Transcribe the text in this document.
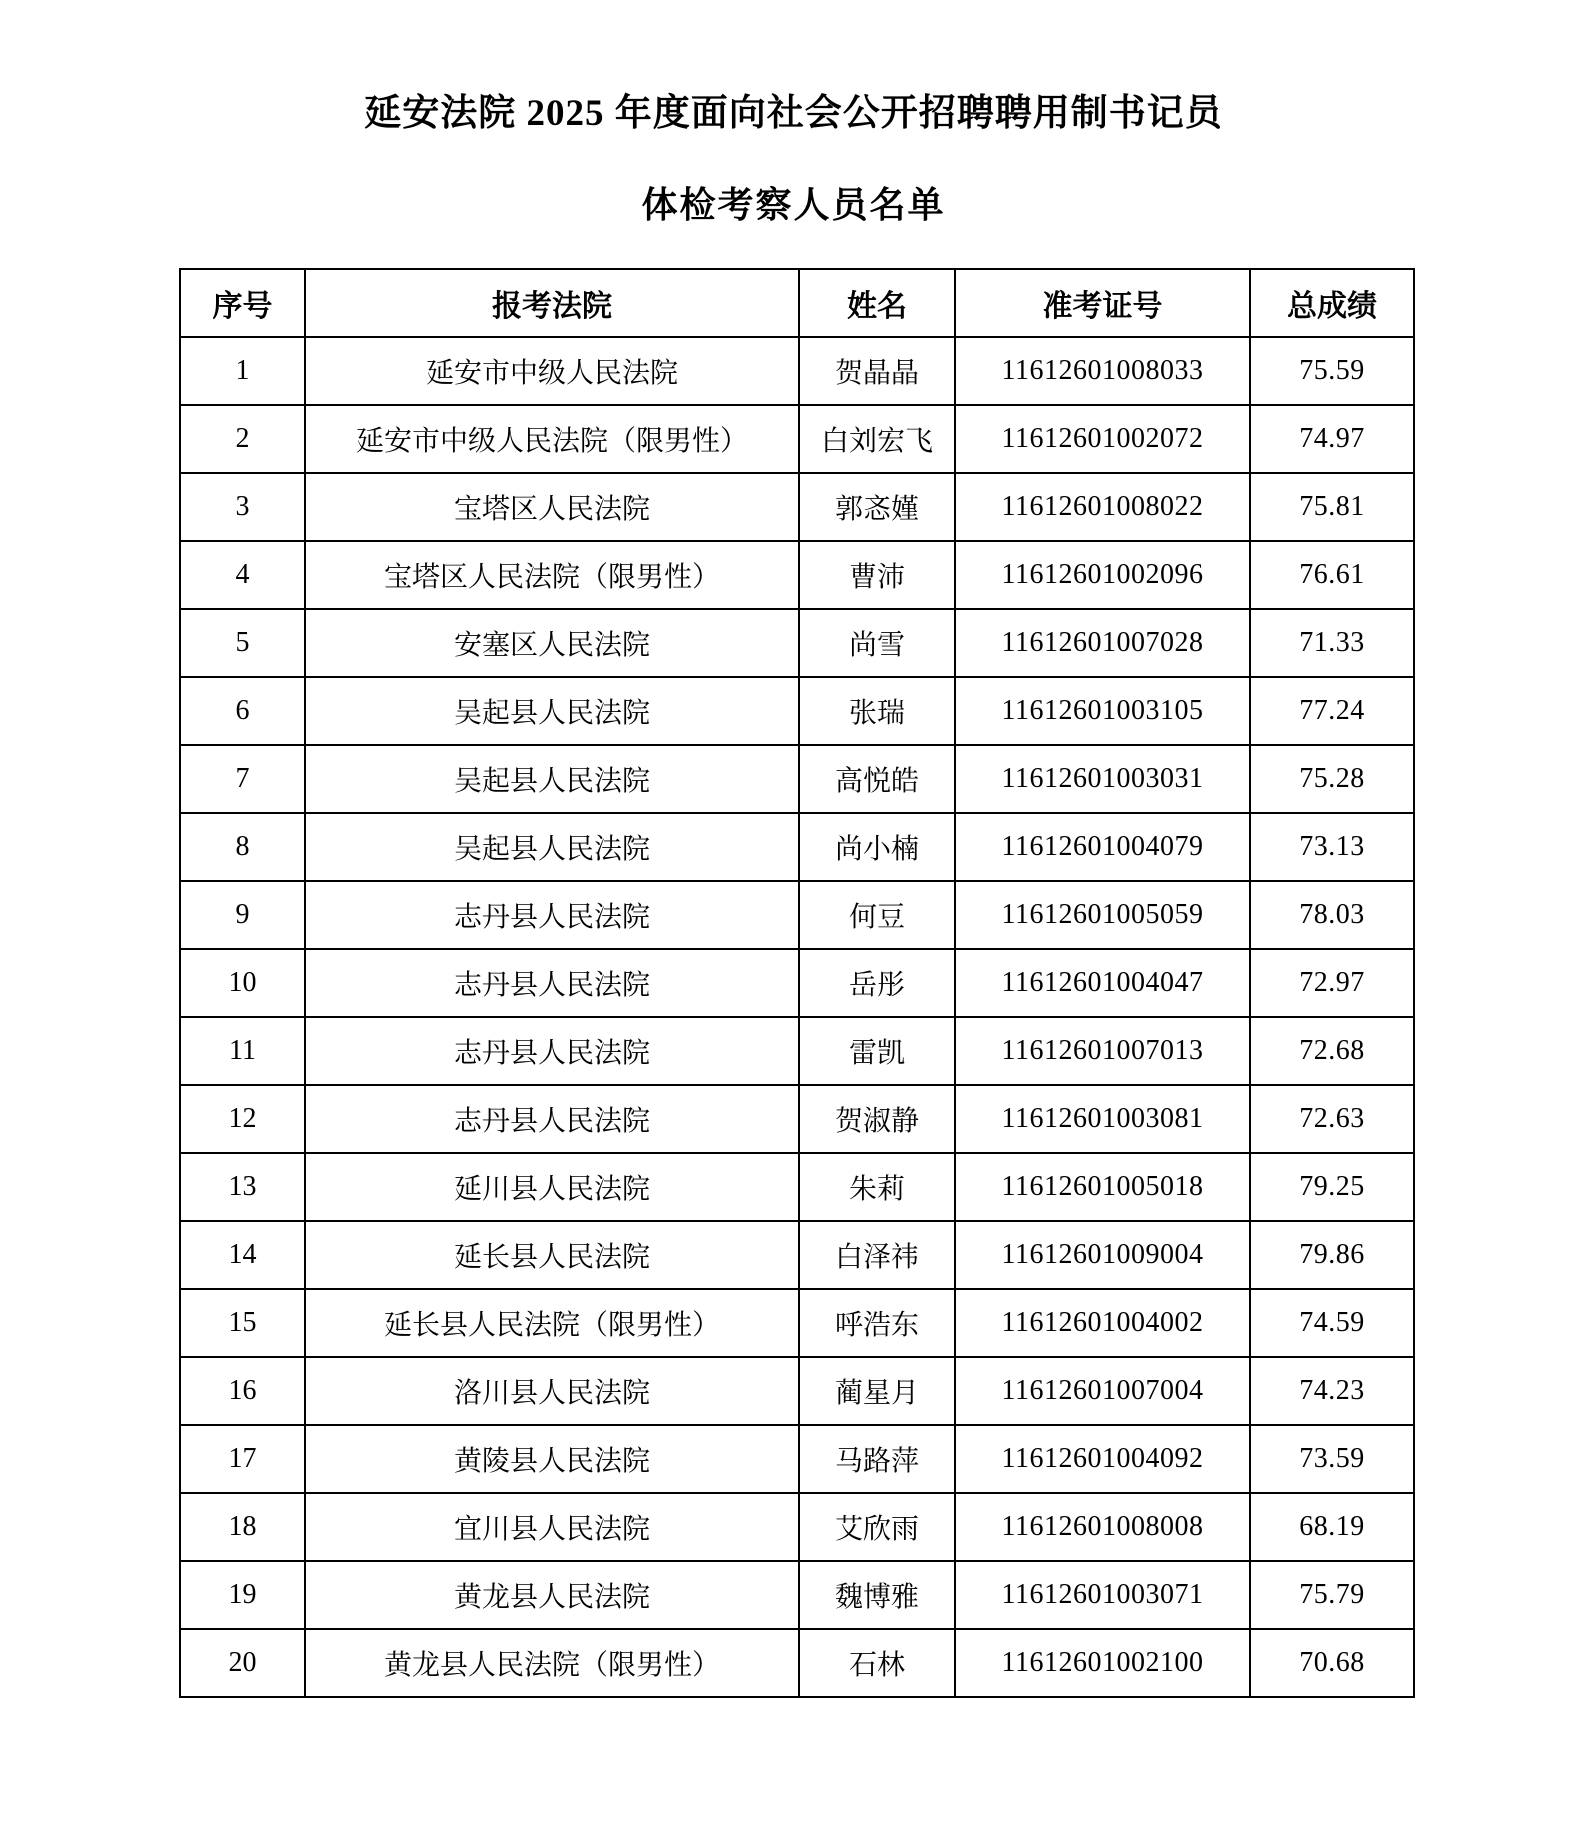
延安法院 2025 年度面向社会公开招聘聘用制书记员
体检考察人员名单
序号	报考法院	姓名	准考证号	总成绩
1	延安市中级人民法院	贺晶晶	11612601008033	75.59
2	延安市中级人民法院（限男性）	白刘宏飞	11612601002072	74.97
3	宝塔区人民法院	郭忞嫤	11612601008022	75.81
4	宝塔区人民法院（限男性）	曹沛	11612601002096	76.61
5	安塞区人民法院	尚雪	11612601007028	71.33
6	吴起县人民法院	张瑞	11612601003105	77.24
7	吴起县人民法院	高悦皓	11612601003031	75.28
8	吴起县人民法院	尚小楠	11612601004079	73.13
9	志丹县人民法院	何豆	11612601005059	78.03
10	志丹县人民法院	岳彤	11612601004047	72.97
11	志丹县人民法院	雷凯	11612601007013	72.68
12	志丹县人民法院	贺淑静	11612601003081	72.63
13	延川县人民法院	朱莉	11612601005018	79.25
14	延长县人民法院	白泽祎	11612601009004	79.86
15	延长县人民法院（限男性）	呼浩东	11612601004002	74.59
16	洛川县人民法院	蔺星月	11612601007004	74.23
17	黄陵县人民法院	马路萍	11612601004092	73.59
18	宜川县人民法院	艾欣雨	11612601008008	68.19
19	黄龙县人民法院	魏博雅	11612601003071	75.79
20	黄龙县人民法院（限男性）	石林	11612601002100	70.68
